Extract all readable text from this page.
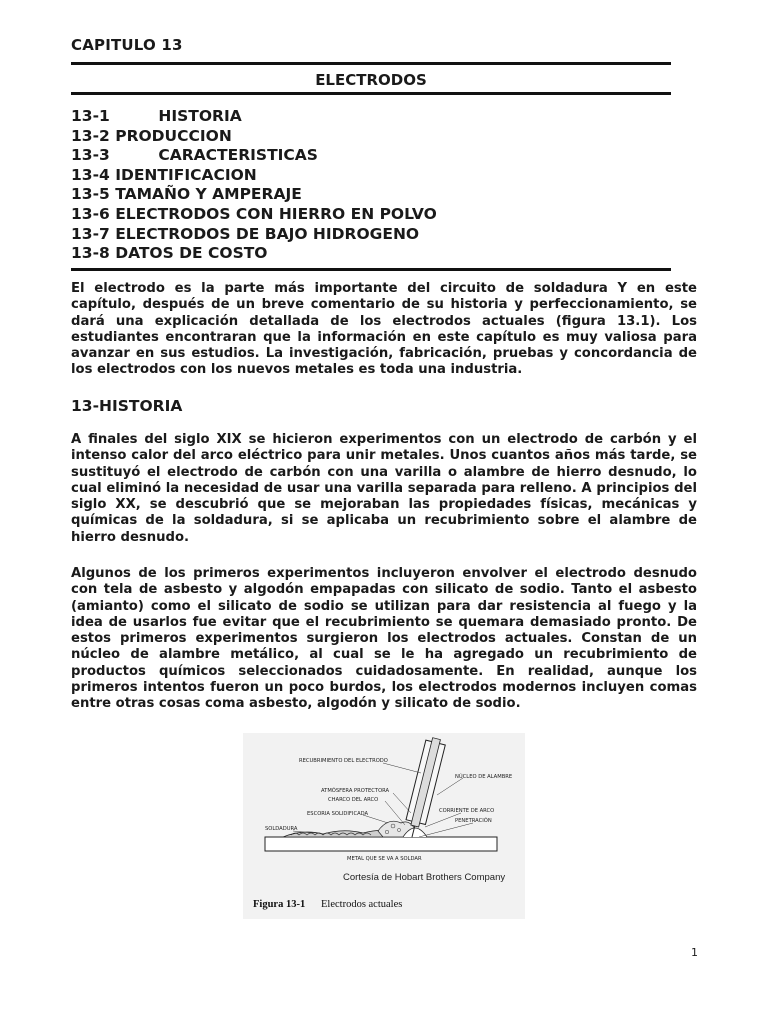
CAPITULO 13
ELECTRODOS
13-1	HISTORIA
13-2 PRODUCCION
13-3	CARACTERISTICAS
13-4 IDENTIFICACION
13-5 TAMAÑO Y AMPERAJE
13-6 ELECTRODOS CON HIERRO EN POLVO
13-7 ELECTRODOS DE BAJO HIDROGENO
13-8 DATOS DE COSTO

El electrodo es la parte más importante del circuito de soldadura Y en este capítulo, después de un breve comentario de su historia y perfeccionamiento, se dará una explicación detallada de los electrodos actuales (figura 13.1). Los estudiantes encontraran que la información en este capítulo es muy valiosa para avanzar en sus estudios. La investigación, fabricación, pruebas y concordancia de los electrodos con los nuevos metales es toda una industria.

13-HISTORIA

A finales del siglo XIX se hicieron experimentos con un electrodo de carbón y el intenso calor del arco eléctrico para unir metales. Unos cuantos años más tarde, se sustituyó el electrodo de carbón con una varilla o alambre de hierro desnudo, lo cual eliminó la necesidad de usar una varilla separada para relleno. A principios del siglo XX, se descubrió que se mejoraban las propiedades físicas, mecánicas y químicas de la soldadura, si se aplicaba un recubrimiento sobre el alambre de hierro desnudo.

Algunos de los primeros experimentos incluyeron envolver el electrodo desnudo con tela de asbesto y algodón empapadas con silicato de sodio. Tanto el asbesto (amianto) como el silicato de sodio se utilizan para dar resistencia al fuego y la idea de usarlos fue evitar que el recubrimiento se quemara demasiado pronto. De estos primeros experimentos surgieron los electrodos actuales. Constan de un núcleo de alambre metálico, al cual se le ha agregado un recubrimiento de productos químicos seleccionados cuidadosamente. En realidad, aunque los primeros intentos fueron un poco burdos, los electrodos modernos incluyen comas entre otras cosas coma asbesto, algodón y silicato de sodio.

RECUBRIMIENTO DEL ELECTRODO
NÚCLEO DE ALAMBRE
ATMÓSFERA PROTECTORA
CHARCO DEL ARCO
ESCORIA SOLIDIFICADA	CORRIENTE DE ARCO
PENETRACIÓN
SOLDADURA
METAL QUE SE VA A SOLDAR
Cortesía de Hobart Brothers Company
Figura 13-1 Electrodos actuales
1
